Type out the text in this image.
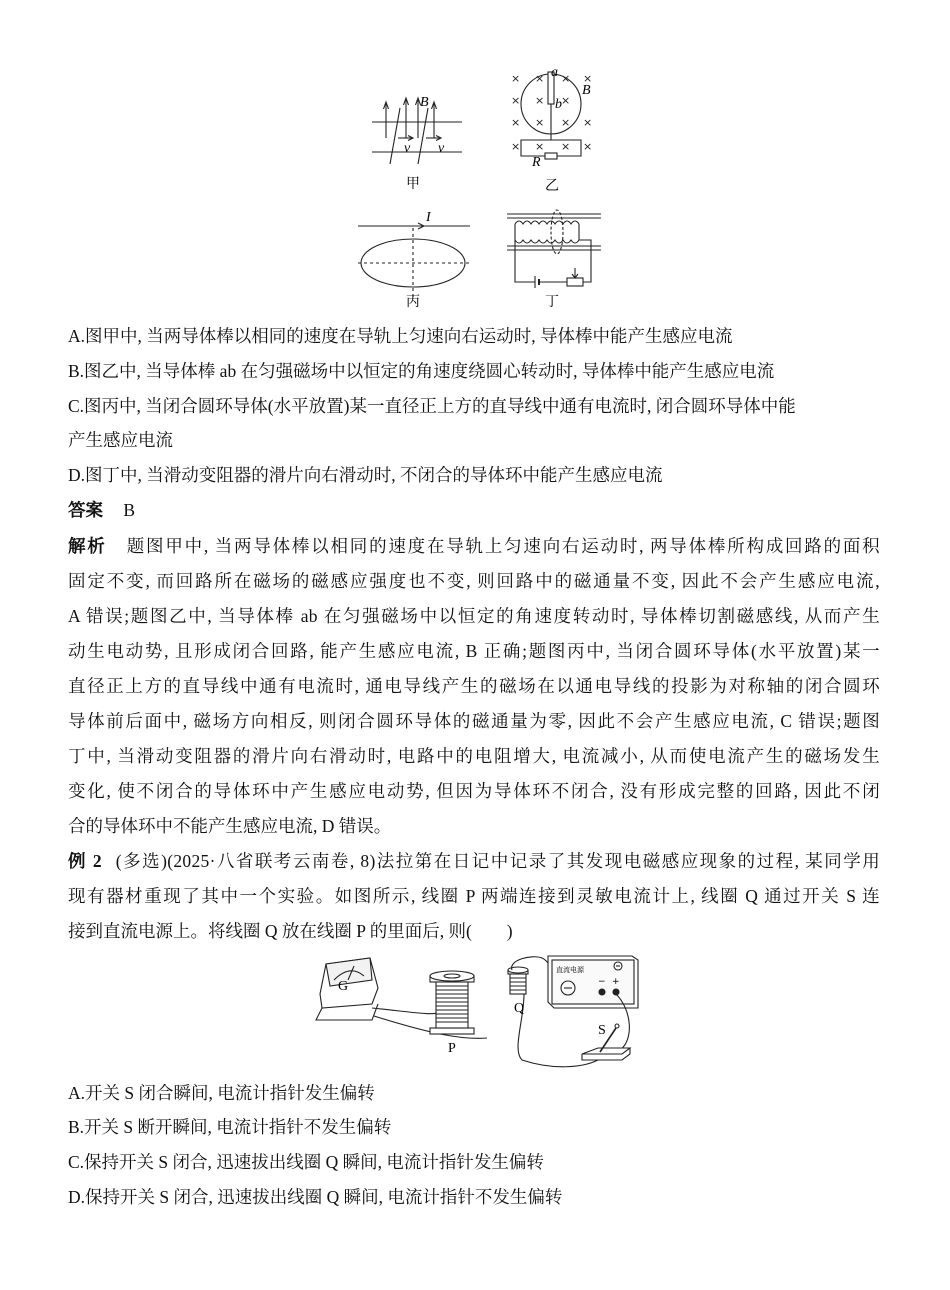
B
v v
甲
× × × ×
× × ×
× × × ×
× × × ×
a
b
B
R
乙
I
丙	丁
A.图甲中, 当两导体棒以相同的速度在导轨上匀速向右运动时, 导体棒中能产生感应电流
B.图乙中, 当导体棒 ab 在匀强磁场中以恒定的角速度绕圆心转动时, 导体棒中能产生感应电流
C.图丙中, 当闭合圆环导体(水平放置)某一直径正上方的直导线中通有电流时, 闭合圆环导体中能
产生感应电流
D.图丁中, 当滑动变阻器的滑片向右滑动时, 不闭合的导体环中能产生感应电流
答案 B
解析 题图甲中, 当两导体棒以相同的速度在导轨上匀速向右运动时, 两导体棒所构成回路的面积
固定不变, 而回路所在磁场的磁感应强度也不变, 则回路中的磁通量不变, 因此不会产生感应电流,
A 错误;题图乙中, 当导体棒 ab 在匀强磁场中以恒定的角速度转动时, 导体棒切割磁感线, 从而产生
动生电动势, 且形成闭合回路, 能产生感应电流, B 正确;题图丙中, 当闭合圆环导体(水平放置)某一
直径正上方的直导线中通有电流时, 通电导线产生的磁场在以通电导线的投影为对称轴的闭合圆环
导体前后面中, 磁场方向相反, 则闭合圆环导体的磁通量为零, 因此不会产生感应电流, C 错误;题图
丁中, 当滑动变阻器的滑片向右滑动时, 电路中的电阻增大, 电流减小, 从而使电流产生的磁场发生
变化, 使不闭合的导体环中产生感应电动势, 但因为导体环不闭合, 没有形成完整的回路, 因此不闭
合的导体环中不能产生感应电流, D 错误。
例 2 (多选)(2025·八省联考云南卷, 8)法拉第在日记中记录了其发现电磁感应现象的过程, 某同学用
现有器材重现了其中一个实验。如图所示, 线圈 P 两端连接到灵敏电流计上, 线圈 Q 通过开关 S 连
接到直流电源上。将线圈 Q 放在线圈 P 的里面后, 则(　　)
G
P
Q
S
直流电源
− +
A.开关 S 闭合瞬间, 电流计指针发生偏转
B.开关 S 断开瞬间, 电流计指针不发生偏转
C.保持开关 S 闭合, 迅速拔出线圈 Q 瞬间, 电流计指针发生偏转
D.保持开关 S 闭合, 迅速拔出线圈 Q 瞬间, 电流计指针不发生偏转
